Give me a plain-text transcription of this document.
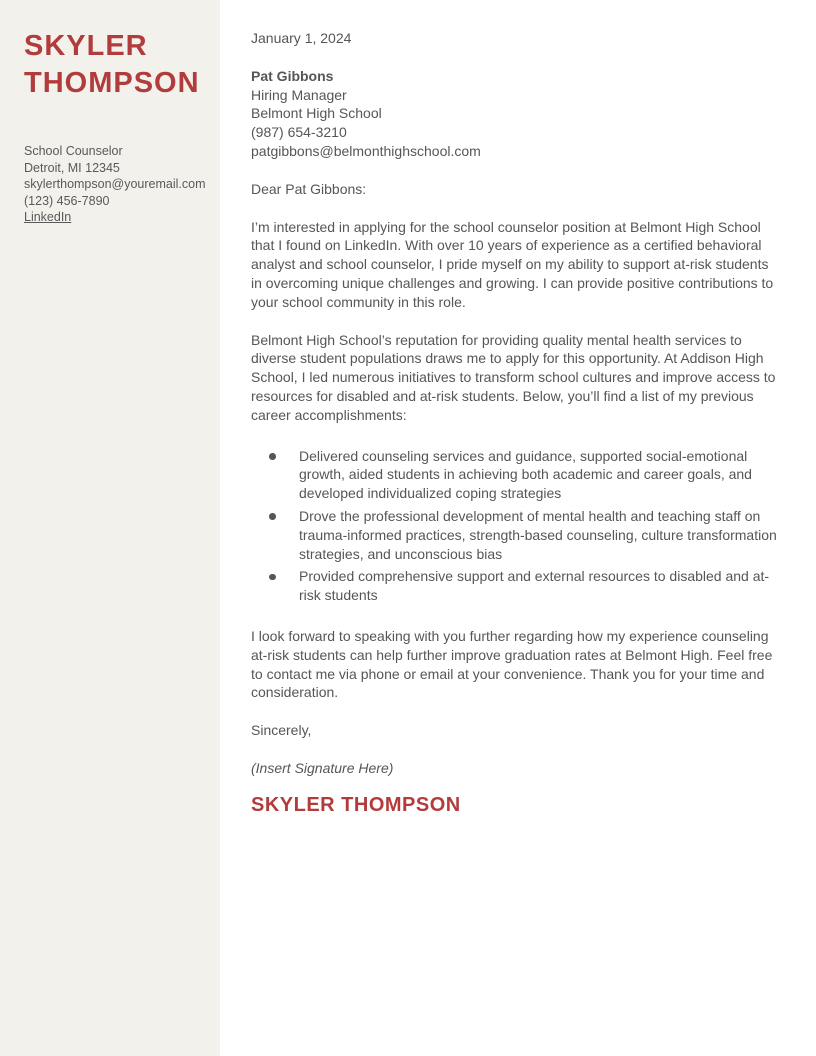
SKYLER
THOMPSON
School Counselor
Detroit, MI 12345
skylerthompson@youremail.com
(123) 456-7890
LinkedIn
January 1, 2024
Pat Gibbons
Hiring Manager
Belmont High School
(987) 654-3210
patgibbons@belmonthighschool.com
Dear Pat Gibbons:

I’m interested in applying for the school counselor position at Belmont High School that I found on LinkedIn. With over 10 years of experience as a certified behavioral analyst and school counselor, I pride myself on my ability to support at-risk students in overcoming unique challenges and growing. I can provide positive contributions to your school community in this role.

Belmont High School’s reputation for providing quality mental health services to diverse student populations draws me to apply for this opportunity. At Addison High School, I led numerous initiatives to transform school cultures and improve access to resources for disabled and at-risk students. Below, you’ll find a list of my previous career accomplishments:

Delivered counseling services and guidance, supported social-emotional growth, aided students in achieving both academic and career goals, and developed individualized coping strategies
Drove the professional development of mental health and teaching staff on trauma-informed practices, strength-based counseling, culture transformation strategies, and unconscious bias
Provided comprehensive support and external resources to disabled and at-risk students

I look forward to speaking with you further regarding how my experience counseling at-risk students can help further improve graduation rates at Belmont High. Feel free to contact me via phone or email at your convenience. Thank you for your time and consideration.

Sincerely,
(Insert Signature Here)
SKYLER THOMPSON
